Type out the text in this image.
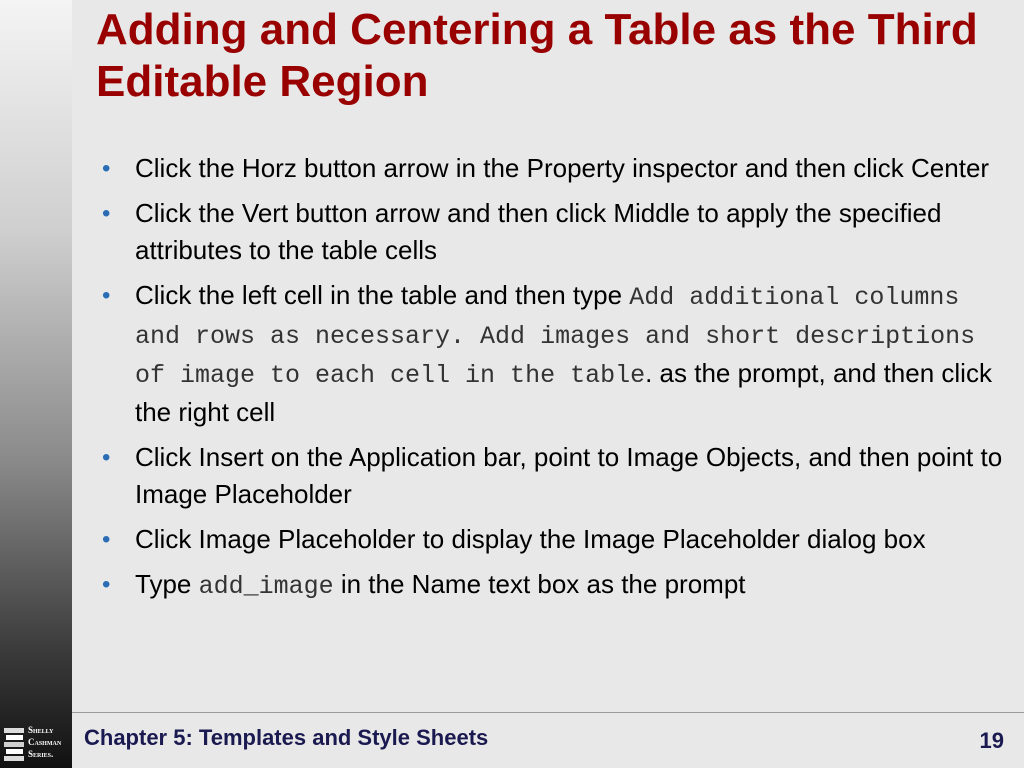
Adding and Centering a Table as the Third Editable Region
• Click the Horz button arrow in the Property inspector and then click Center
• Click the Vert button arrow and then click Middle to apply the specified attributes to the table cells
• Click the left cell in the table and then type Add additional columns and rows as necessary. Add images and short descriptions of image to each cell in the table. as the prompt, and then click the right cell
• Click Insert on the Application bar, point to Image Objects, and then point to Image Placeholder
• Click Image Placeholder to display the Image Placeholder dialog box
• Type add_image in the Name text box as the prompt
Chapter 5: Templates and Style Sheets	19
Shelly
Cashman
Series.
